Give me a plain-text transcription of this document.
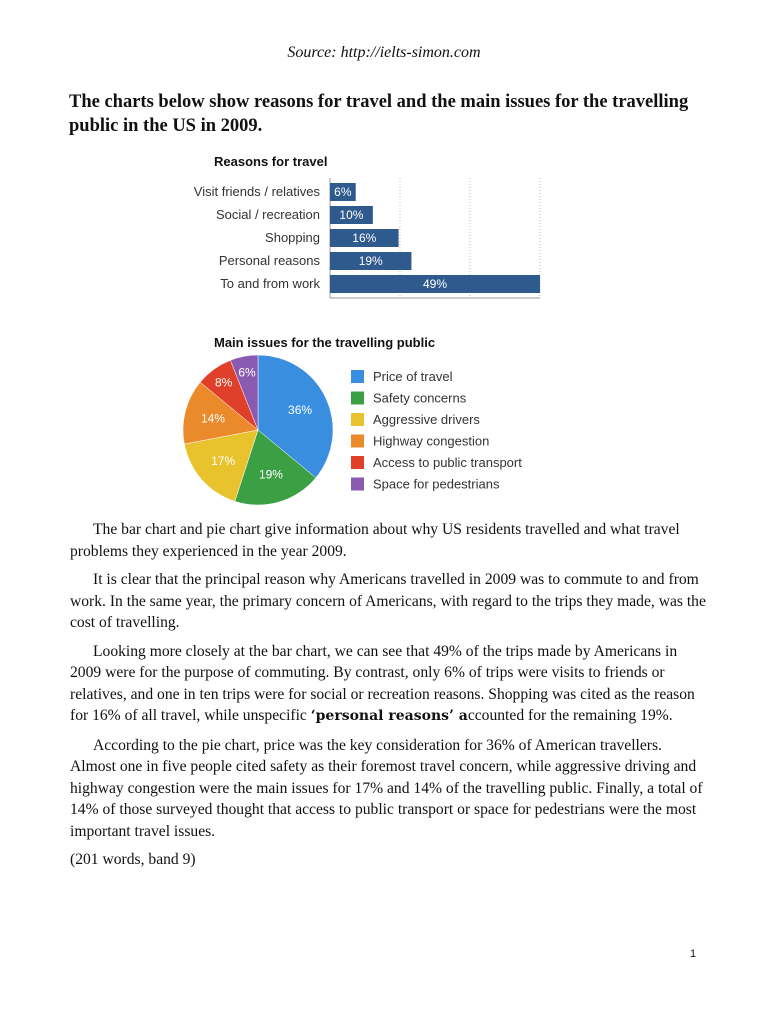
Source: http://ielts-simon.com
The charts below show reasons for travel and the main issues for the travelling public in the US in 2009.
Reasons for travel
Visit friends / relatives 6%
Social / recreation 10%
Shopping	16%
Personal reasons	19%
To and from work	49%
Main issues for the travelling public
36%
Price of travel
19%
Safety concerns
17%
Aggressive drivers
14%
Highway congestion
8%
Access to public transport
6%
Space for pedestrians

The bar chart and pie chart give information about why US residents travelled and what travel problems they experienced in the year 2009.

It is clear that the principal reason why Americans travelled in 2009 was to commute to and from work. In the same year, the primary concern of Americans, with regard to the trips they made, was the cost of travelling.

Looking more closely at the bar chart, we can see that 49% of the trips made by Americans in 2009 were for the purpose of commuting. By contrast, only 6% of trips were visits to friends or relatives, and one in ten trips were for social or recreation reasons. Shopping was cited as the reason for 16% of all travel, while unspecific ‘personal reasons’ accounted for the remaining 19%.

According to the pie chart, price was the key consideration for 36% of American travellers. Almost one in five people cited safety as their foremost travel concern, while aggressive driving and highway congestion were the main issues for 17% and 14% of the travelling public. Finally, a total of 14% of those surveyed thought that access to public transport or space for pedestrians were the most important travel issues.

(201 words, band 9)

1
